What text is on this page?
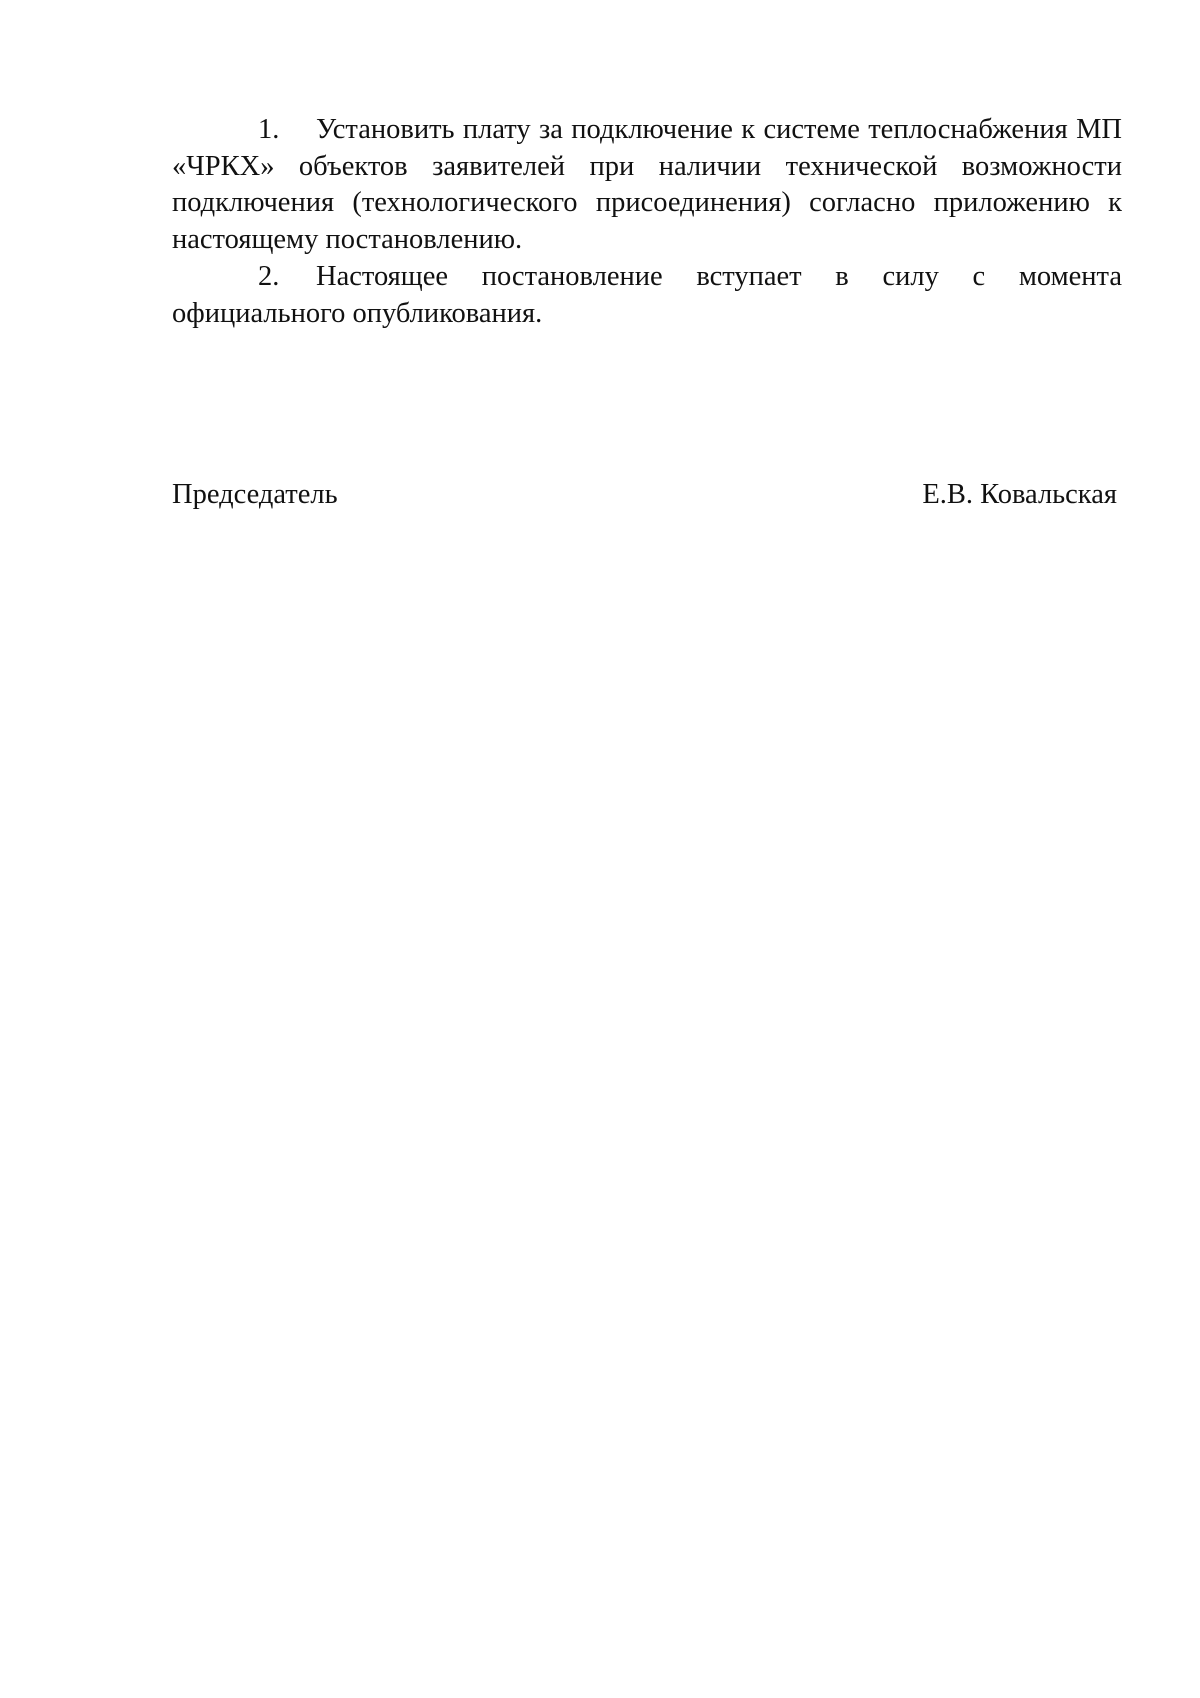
1. Установить плату за подключение к системе теплоснабжения МП «ЧРКХ» объектов заявителей при наличии технической возможности подключения (технологического присоединения) согласно приложению к настоящему постановлению.

2. Настоящее постановление вступает в силу с момента официального опубликования.

Председатель	Е.В. Ковальская
